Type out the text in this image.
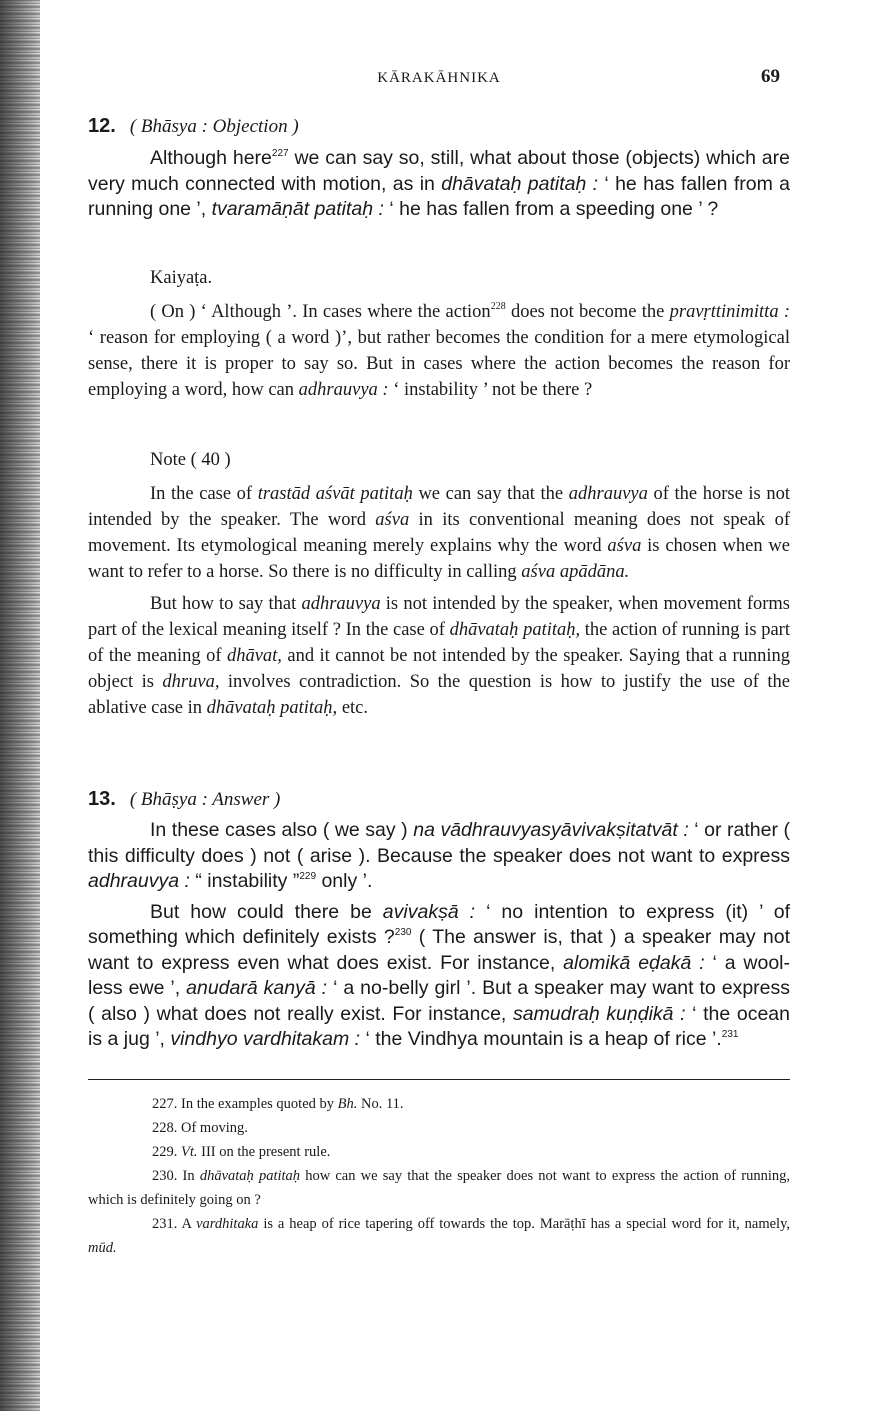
KĀRAKĀHNIKA	69
12. ( Bhāsya : Objection )

Although here$^{227}$ we can say so, still, what about those (objects) which are very much connected with motion, as in dhāvataḥ patitaḥ : ‘ he has fallen from a running one ’, tvaramāṇāt patitaḥ : ‘ he has fallen from a speeding one ’ ?

Kaiyaṭa.

( On ) ‘ Although ’. In cases where the action$^{228}$ does not become the pravṛttinimitta : ‘ reason for employing ( a word )’, but rather becomes the condition for a mere etymological sense, there it is proper to say so. But in cases where the action becomes the reason for employing a word, how can adhrauvya : ‘ instability ’ not be there ?

Note ( 40 )

In the case of trastād aśvāt patitaḥ we can say that the adhrauvya of the horse is not intended by the speaker. The word aśva in its conventional meaning does not speak of movement. Its etymological meaning merely explains why the word aśva is chosen when we want to refer to a horse. So there is no difficulty in calling aśva apādāna.

But how to say that adhrauvya is not intended by the speaker, when movement forms part of the lexical meaning itself ? In the case of dhāvataḥ patitaḥ, the action of running is part of the meaning of dhāvat, and it cannot be not intended by the speaker. Saying that a running object is dhruva, involves contradiction. So the question is how to justify the use of the ablative case in dhāvataḥ patitaḥ, etc.

13. ( Bhāṣya : Answer )

In these cases also ( we say ) na vādhrauvyasyāvivakṣitatvāt : ‘ or rather ( this difficulty does ) not ( arise ). Because the speaker does not want to express adhrauvya : “ instability ”$^{229}$ only ’.

But how could there be avivakṣā : ‘ no intention to express (it) ’ of something which definitely exists ?$^{230}$ ( The answer is, that ) a speaker may not want to express even what does exist. For instance, alomikā eḍakā : ‘ a wool-less ewe ’, anudarā kanyā : ‘ a no-belly girl ’. But a speaker may want to express ( also ) what does not really exist. For instance, samudraḥ kuṇḍikā : ‘ the ocean is a jug ’, vindhyo vardhitakam : ‘ the Vindhya mountain is a heap of rice ’.$^{231}$

227. In the examples quoted by Bh. No. 11.

228. Of moving.

229. Vt. III on the present rule.

230. In dhāvataḥ patitaḥ how can we say that the speaker does not want to express the action of running, which is definitely going on ?

231. A vardhitaka is a heap of rice tapering off towards the top. Marāṭhī has a special word for it, namely, mūd.
